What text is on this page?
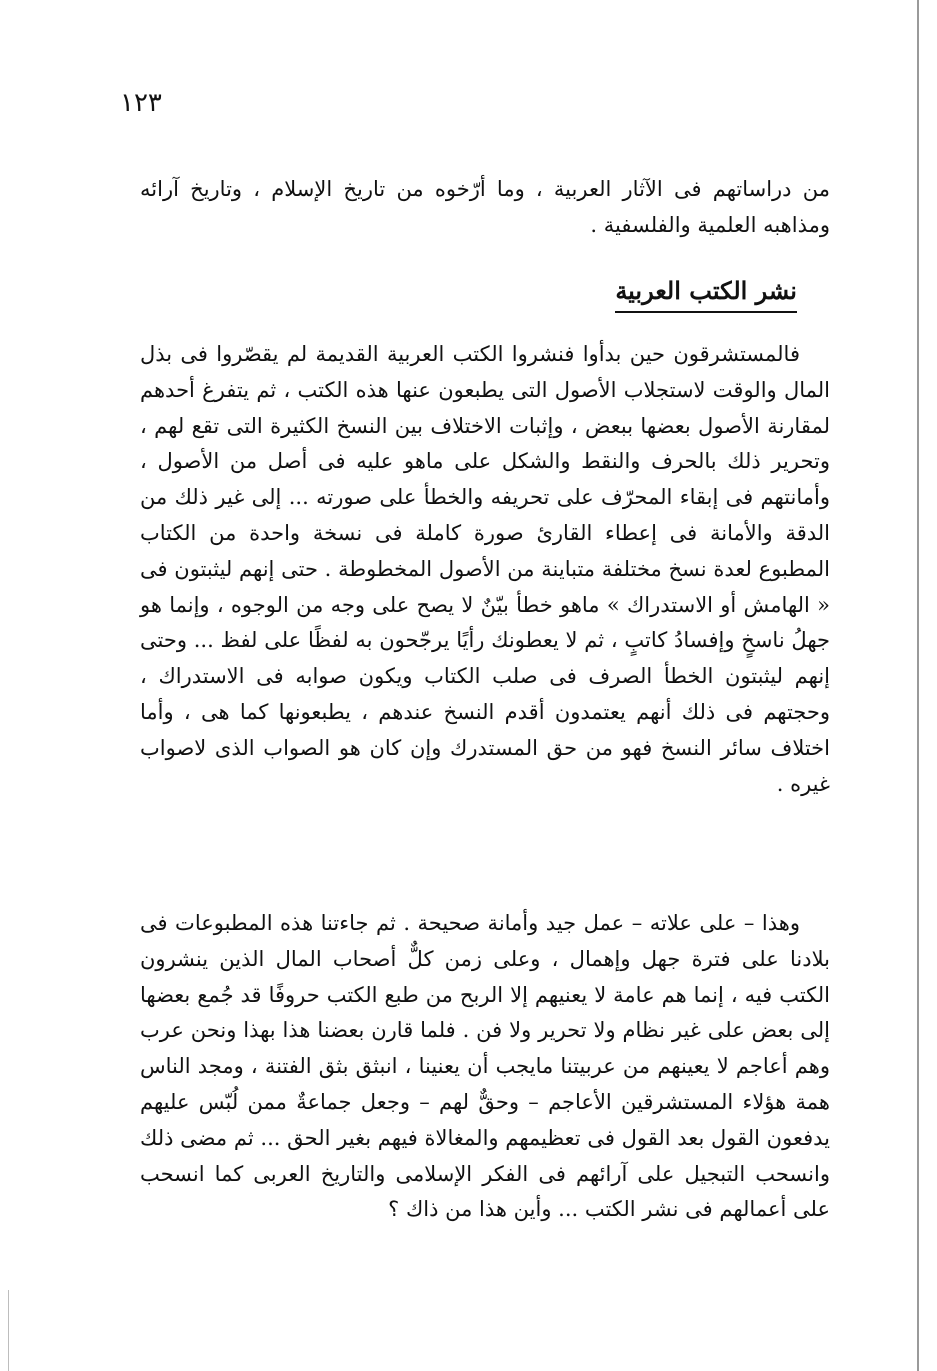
١٢٣

من دراساتهم فى الآثار العربية ، وما أرّخوه من تاريخ الإسلام ، وتاريخ آرائه ومذاهبه العلمية والفلسفية .

نشر الكتب العربية

فالمستشرقون حين بدأوا فنشروا الكتب العربية القديمة لم يقصّروا فى بذل المال والوقت لاستجلاب الأصول التى يطبعون عنها هذه الكتب ، ثم يتفرغ أحدهم لمقارنة الأصول بعضها ببعض ، وإثبات الاختلاف بين النسخ الكثيرة التى تقع لهم ، وتحرير ذلك بالحرف والنقط والشكل على ماهو عليه فى أصل من الأصول ، وأمانتهم فى إبقاء المحرّف على تحريفه والخطأ على صورته ... إلى غير ذلك من الدقة والأمانة فى إعطاء القارئ صورة كاملة فى نسخة واحدة من الكتاب المطبوع لعدة نسخ مختلفة متباينة من الأصول المخطوطة . حتى إنهم ليثبتون فى « الهامش أو الاستدراك » ماهو خطأ بيّنٌ لا يصح على وجه من الوجوه ، وإنما هو جهلُ ناسخٍ وإفسادُ كاتبٍ ، ثم لا يعطونك رأيًا يرجّحون به لفظًا على لفظ ... وحتى إنهم ليثبتون الخطأ الصرف فى صلب الكتاب ويكون صوابه فى الاستدراك ، وحجتهم فى ذلك أنهم يعتمدون أقدم النسخ عندهم ، يطبعونها كما هى ، وأما اختلاف سائر النسخ فهو من حق المستدرك وإن كان هو الصواب الذى لاصواب غيره .

وهذا – على علاته – عمل جيد وأمانة صحيحة . ثم جاءتنا هذه المطبوعات فى بلادنا على فترة جهل وإهمال ، وعلى زمن كلٌّ أصحاب المال الذين ينشرون الكتب فيه ، إنما هم عامة لا يعنيهم إلا الربح من طبع الكتب حروفًا قد جُمع بعضها إلى بعض على غير نظام ولا تحرير ولا فن . فلما قارن بعضنا هذا بهذا ونحن عرب وهم أعاجم لا يعينهم من عربيتنا مايجب أن يعنينا ، انبثق بثق الفتنة ، ومجد الناس همة هؤلاء المستشرقين الأعاجم – وحقٌّ لهم – وجعل جماعةٌ ممن لُبّس عليهم يدفعون القول بعد القول فى تعظيمهم والمغالاة فيهم بغير الحق ... ثم مضى ذلك وانسحب التبجيل على آرائهم فى الفكر الإسلامى والتاريخ العربى كما انسحب على أعمالهم فى نشر الكتب ... وأين هذا من ذاك ؟
